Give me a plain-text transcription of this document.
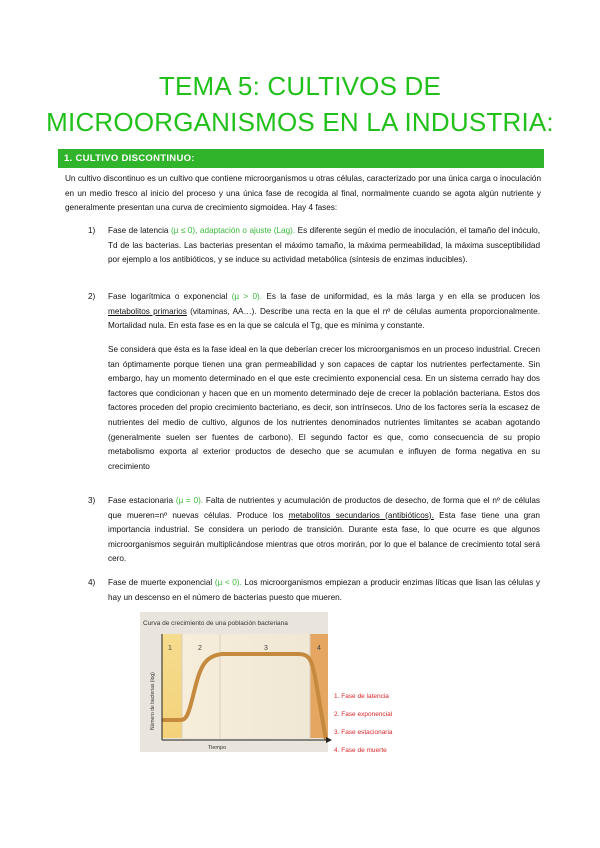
TEMA 5: CULTIVOS DE
MICROORGANISMOS EN LA INDUSTRIA:
1. CULTIVO DISCONTINUO:
Un cultivo discontinuo es un cultivo que contiene microorganismos u otras células, caracterizado por una única carga o inoculación en un medio fresco al inicio del proceso y una única fase de recogida al final, normalmente cuando se agota algún nutriente y generalmente presentan una curva de crecimiento sigmoidea. Hay 4 fases:
1) Fase de latencia (µ ≤ 0), adaptación o ajuste (Lag). Es diferente según el medio de inoculación, el tamaño del inóculo, Td de las bacterias. Las bacterias presentan el máximo tamaño, la máxima permeabilidad, la máxima susceptibilidad por ejemplo a los antibióticos, y se induce su actividad metabólica (síntesis de enzimas inducibles).
2) Fase logarítmica o exponencial (µ > 0). Es la fase de uniformidad, es la más larga y en ella se producen los metabolitos primarios (vitaminas, AA…). Describe una recta en la que el nº de células aumenta proporcionalmente. Mortalidad nula. En esta fase es en la que se calcula el Tg, que es mínima y constante.
Se considera que ésta es la fase ideal en la que deberían crecer los microorganismos en un proceso industrial. Crecen tan óptimamente porque tienen una gran permeabilidad y son capaces de captar los nutrientes perfectamente. Sin embargo, hay un momento determinado en el que este crecimiento exponencial cesa. En un sistema cerrado hay dos factores que condicionan y hacen que en un momento determinado deje de crecer la población bacteriana. Estos dos factores proceden del propio crecimiento bacteriano, es decir, son intrínsecos. Uno de los factores sería la escasez de nutrientes del medio de cultivo, algunos de los nutrientes denominados nutrientes limitantes se acaban agotando (generalmente suelen ser fuentes de carbono). El segundo factor es que, como consecuencia de su propio metabolismo exporta al exterior productos de desecho que se acumulan e influyen de forma negativa en su crecimiento
3) Fase estacionaria (µ = 0). Falta de nutrientes y acumulación de productos de desecho, de forma que el nº de células que mueren=nº nuevas células. Produce los metabolitos secundarios (antibióticos). Esta fase tiene una gran importancia industrial. Se considera un periodo de transición. Durante esta fase, lo que ocurre es que algunos microorganismos seguirán multiplicándose mientras que otros morirán, por lo que el balance de crecimiento total será cero.
4) Fase de muerte exponencial (µ < 0). Los microorganismos empiezan a producir enzimas líticas que lisan las células y hay un descenso en el número de bacterias puesto que mueren.
Curva de crecimiento de una población bacteriana
1	2	3	4
Tiempo
Número de bacterias (log)	1. Fase de latencia
2. Fase exponencial
3. Fase estacionaria
4. Fase de muerte
